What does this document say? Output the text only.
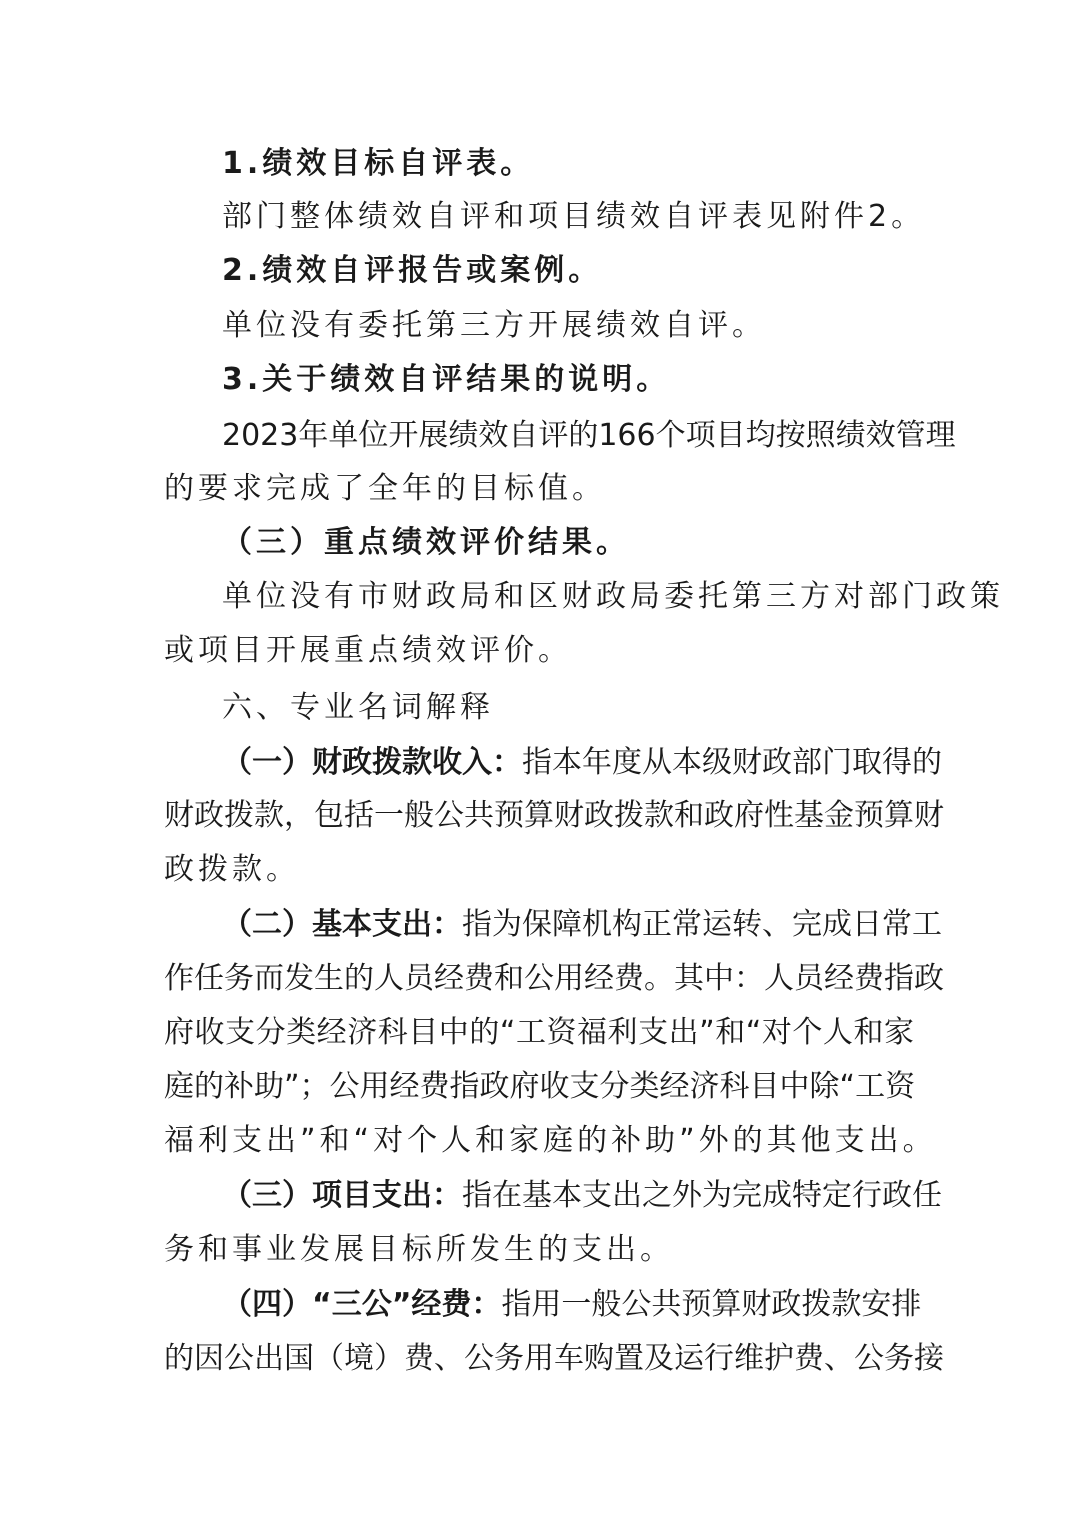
1.绩效目标自评表。
部门整体绩效自评和项目绩效自评表见附件2。
2.绩效自评报告或案例。
单位没有委托第三方开展绩效自评。
3.关于绩效自评结果的说明。
2023年单位开展绩效自评的166个项目均按照绩效管理
的要求完成了全年的目标值。
（三）重点绩效评价结果。
单位没有市财政局和区财政局委托第三方对部门政策
或项目开展重点绩效评价。
六、专业名词解释
（一）财政拨款收入：指本年度从本级财政部门取得的
财政拨款，包括一般公共预算财政拨款和政府性基金预算财
政拨款。
（二）基本支出：指为保障机构正常运转、完成日常工
作任务而发生的人员经费和公用经费。其中：人员经费指政
府收支分类经济科目中的“工资福利支出”和“对个人和家
庭的补助”；公用经费指政府收支分类经济科目中除“工资
福利支出”和“对个人和家庭的补助”外的其他支出。
（三）项目支出：指在基本支出之外为完成特定行政任
务和事业发展目标所发生的支出。
（四）“三公”经费：指用一般公共预算财政拨款安排
的因公出国（境）费、公务用车购置及运行维护费、公务接
